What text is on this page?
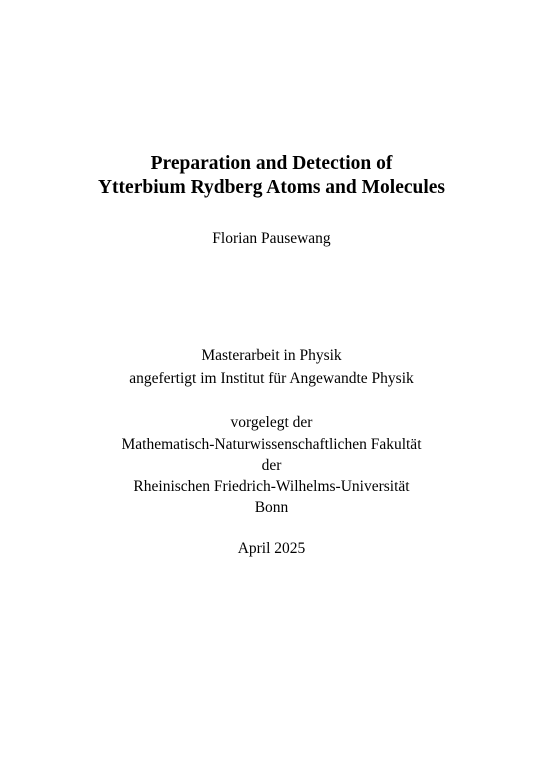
Preparation and Detection of
Ytterbium Rydberg Atoms and Molecules
Florian Pausewang
Masterarbeit in Physik
angefertigt im Institut für Angewandte Physik
vorgelegt der
Mathematisch-Naturwissenschaftlichen Fakultät
der
Rheinischen Friedrich-Wilhelms-Universität
Bonn
April 2025
